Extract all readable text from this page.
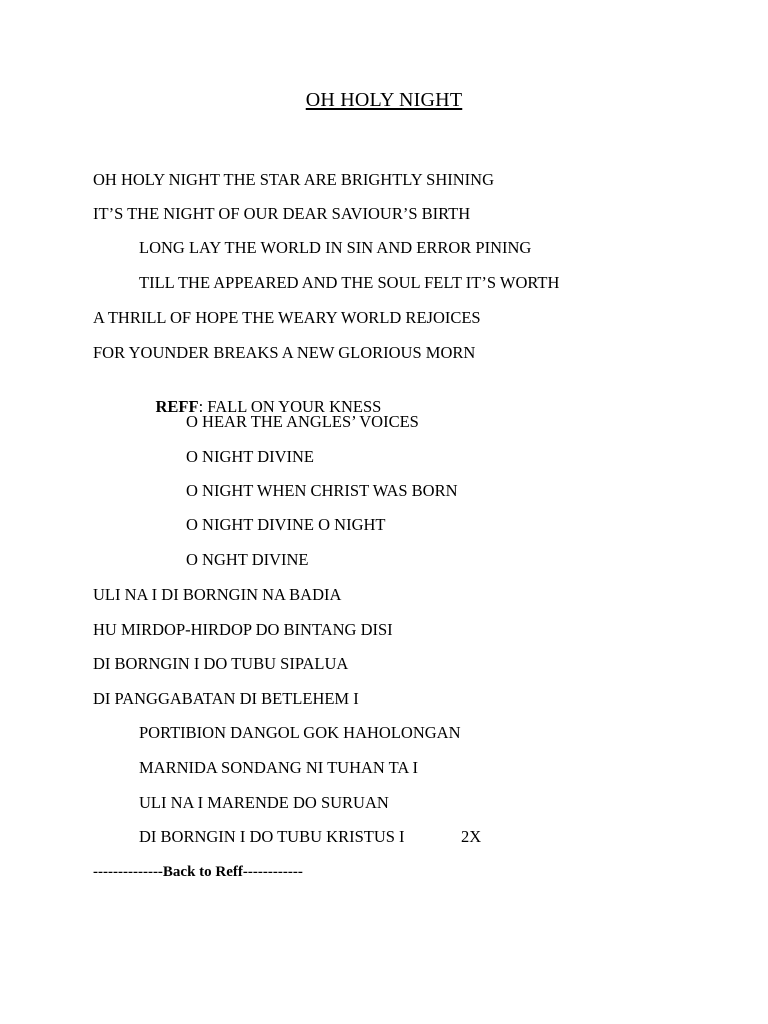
OH HOLY NIGHT
OH HOLY NIGHT THE STAR ARE BRIGHTLY SHINING
IT’S THE NIGHT OF OUR DEAR SAVIOUR’S BIRTH
LONG LAY THE WORLD IN SIN AND ERROR PINING
TILL THE APPEARED AND THE SOUL FELT IT’S WORTH
A THRILL OF HOPE THE WEARY WORLD REJOICES
FOR YOUNDER BREAKS A NEW GLORIOUS MORN

REFF: FALL ON YOUR KNESS

O HEAR THE ANGLES’ VOICES
O NIGHT DIVINE
O NIGHT WHEN CHRIST WAS BORN
O NIGHT DIVINE O NIGHT
O NGHT DIVINE
ULI NA I DI BORNGIN NA BADIA
HU MIRDOP-HIRDOP DO BINTANG DISI
DI BORNGIN I DO TUBU SIPALUA
DI PANGGABATAN DI BETLEHEM I
PORTIBION DANGOL GOK HAHOLONGAN
MARNIDA SONDANG NI TUHAN TA I
ULI NA I MARENDE DO SURUAN
DI BORNGIN I DO TUBU KRISTUS I	2X
--------------Back to Reff------------
